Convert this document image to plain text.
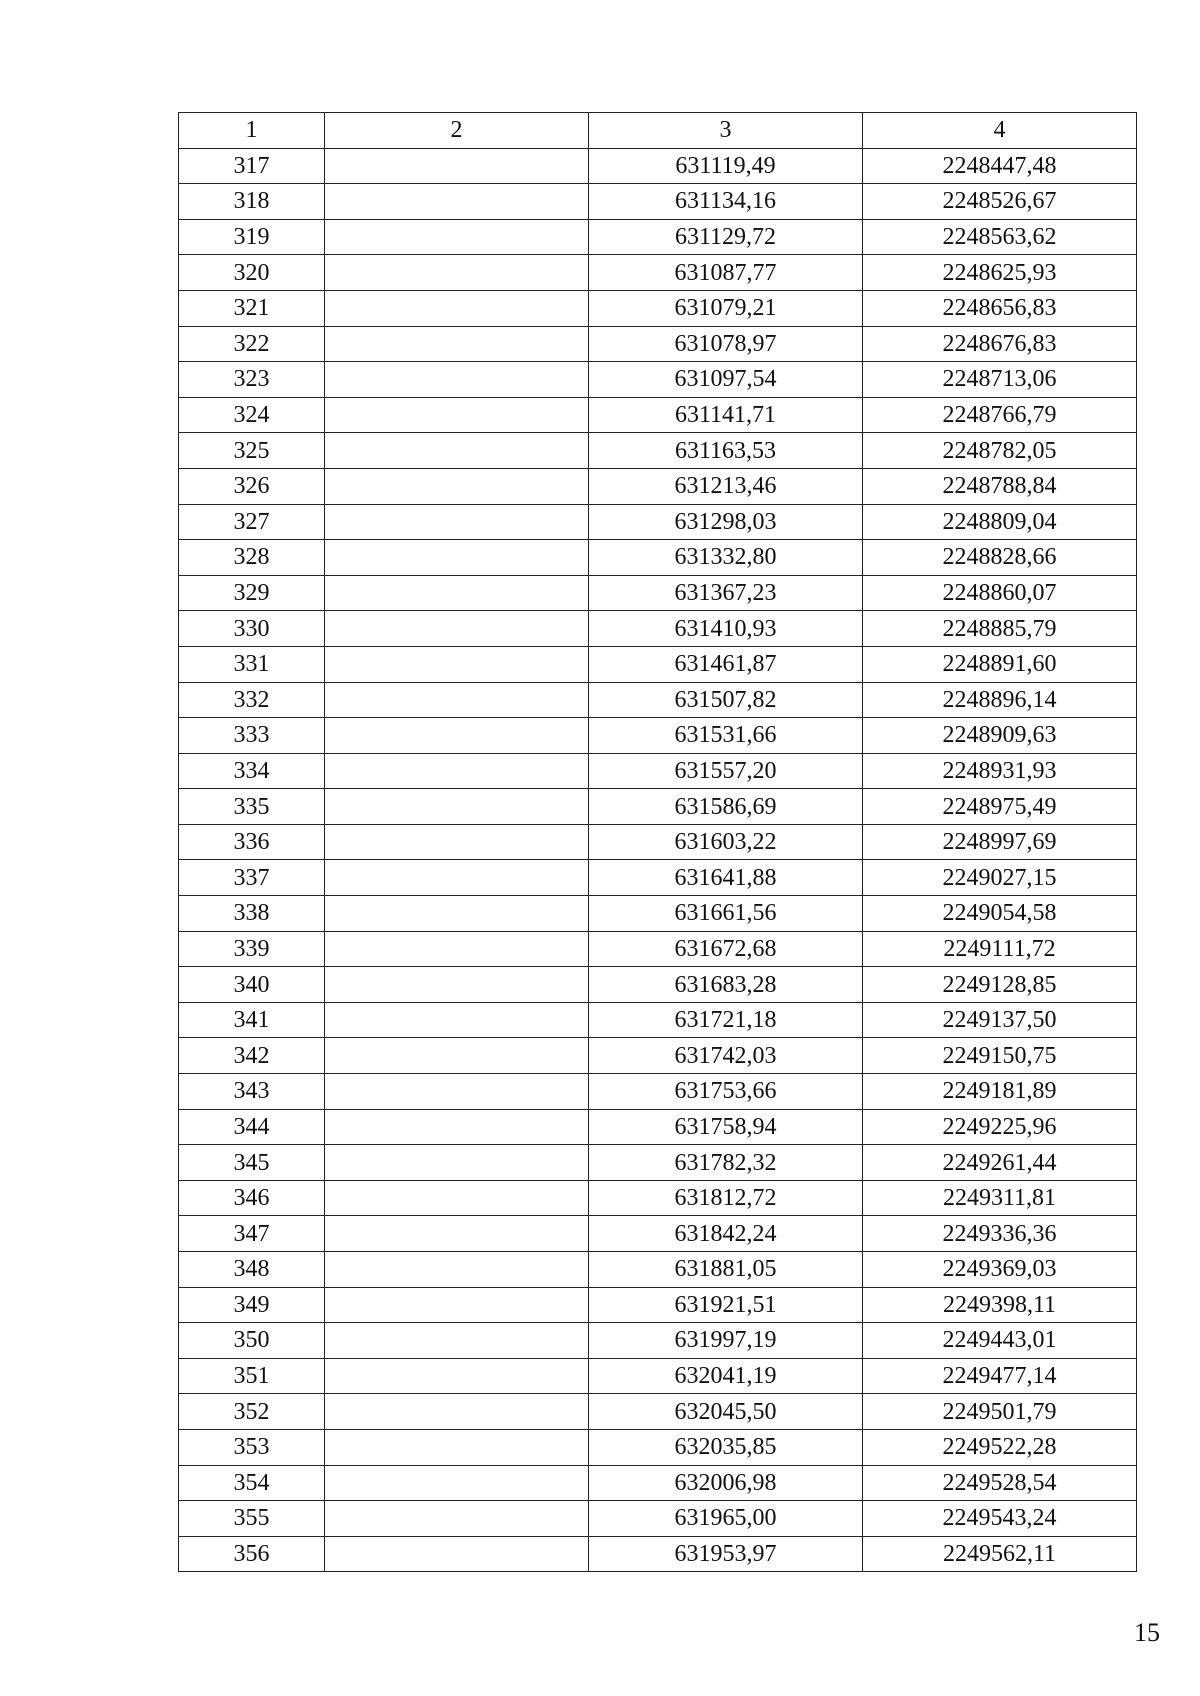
1	2	3	4
317		631119,49	2248447,48
318		631134,16	2248526,67
319		631129,72	2248563,62
320		631087,77	2248625,93
321		631079,21	2248656,83
322		631078,97	2248676,83
323		631097,54	2248713,06
324		631141,71	2248766,79
325		631163,53	2248782,05
326		631213,46	2248788,84
327		631298,03	2248809,04
328		631332,80	2248828,66
329		631367,23	2248860,07
330		631410,93	2248885,79
331		631461,87	2248891,60
332		631507,82	2248896,14
333		631531,66	2248909,63
334		631557,20	2248931,93
335		631586,69	2248975,49
336		631603,22	2248997,69
337		631641,88	2249027,15
338		631661,56	2249054,58
339		631672,68	2249111,72
340		631683,28	2249128,85
341		631721,18	2249137,50
342		631742,03	2249150,75
343		631753,66	2249181,89
344		631758,94	2249225,96
345		631782,32	2249261,44
346		631812,72	2249311,81
347		631842,24	2249336,36
348		631881,05	2249369,03
349		631921,51	2249398,11
350		631997,19	2249443,01
351		632041,19	2249477,14
352		632045,50	2249501,79
353		632035,85	2249522,28
354		632006,98	2249528,54
355		631965,00	2249543,24
356		631953,97	2249562,11
15
